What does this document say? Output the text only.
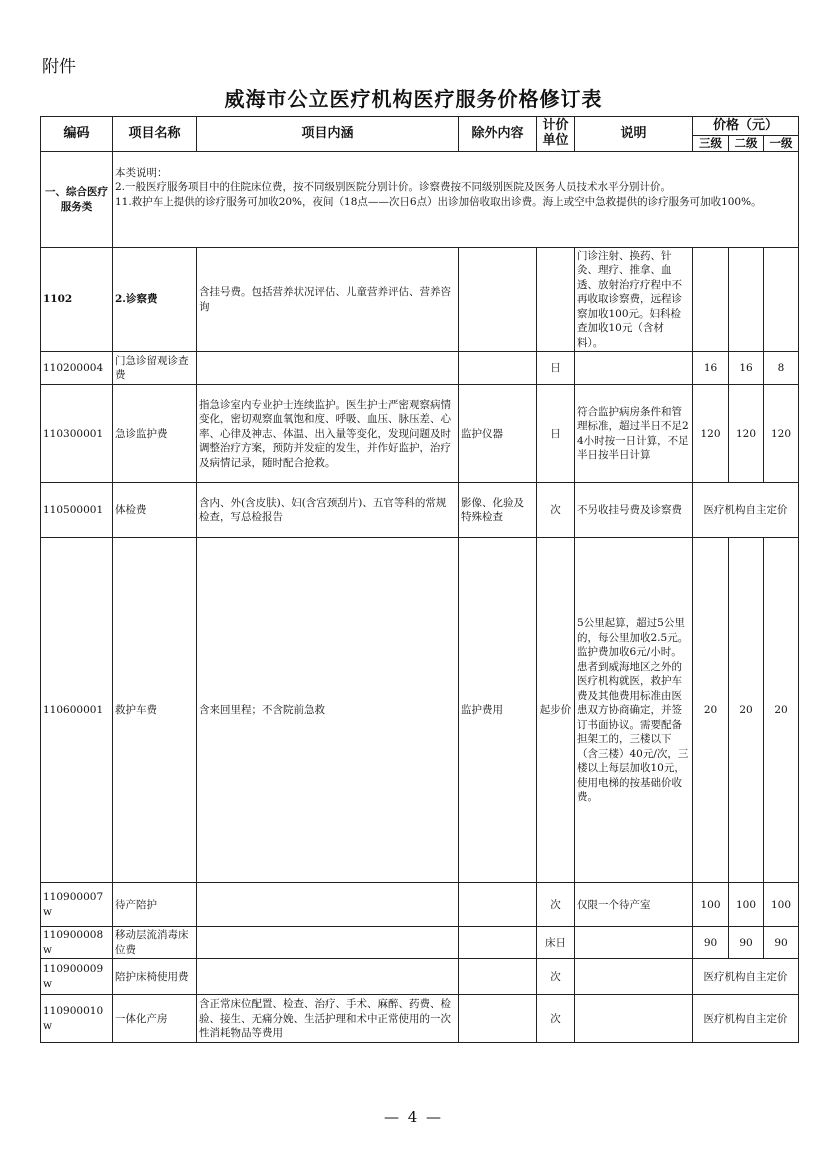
附件
威海市公立医疗机构医疗服务价格修订表
编码	项目名称	项目内涵	除外内容	计价单位	说明	价格（元）		
						三级	二级	一级
一、综合医疗服务类	本类说明：

2.一般医疗服务项目中的住院床位费，按不同级别医院分别计价。诊察费按不同级别医院及医务人员技术水平分别计价。

11.救护车上提供的诊疗服务可加收20%，夜间（18点——次日6点）出诊加倍收取出诊费。海上或空中急救提供的诊疗服务可加收100%。							

1102	2.诊察费	含挂号费。包括营养状况评估、儿童营养评估、营养咨询			门诊注射、换药、针灸、理疗、推拿、血透、放射治疗疗程中不再收取诊察费，远程诊察加收100元。妇科检查加收10元（含材料）。			
110200004	门急诊留观诊查费			日		16	16	8
110300001	急诊监护费	指急诊室内专业护士连续监护。医生护士严密观察病情变化，密切观察血氧饱和度、呼吸、血压、脉压差、心率、心律及神志、体温、出入量等变化，发现问题及时调整治疗方案，预防并发症的发生，并作好监护，治疗及病情记录，随时配合抢救。	监护仪器	日	符合监护病房条件和管理标准，超过半日不足24小时按一日计算，不足半日按半日计算	120	120	120
110500001	体检费	含内、外(含皮肤)、妇(含宫颈刮片)、五官等科的常规检查，写总检报告	影像、化验及特殊检查	次	不另收挂号费及诊察费	医疗机构自主定价		
110600001	救护车费	含来回里程；不含院前急救	监护费用	起步价	5公里起算，超过5公里的，每公里加收2.5元。监护费加收6元/小时。患者到威海地区之外的医疗机构就医，救护车费及其他费用标准由医患双方协商确定，并签订书面协议。需要配备担架工的，三楼以下（含三楼）40元/次，三楼以上每层加收10元，使用电梯的按基础价收费。	20	20	20
110900007w	待产陪护			次	仅限一个待产室	100	100	100
110900008w	移动层流消毒床位费			床日		90	90	90
110900009w	陪护床椅使用费			次		医疗机构自主定价		
110900010w	一体化产房	含正常床位配置、检查、治疗、手术、麻醉、药费、检验、接生、无痛分娩、生活护理和术中正常使用的一次性消耗物品等费用		次		医疗机构自主定价		
— 4 —
